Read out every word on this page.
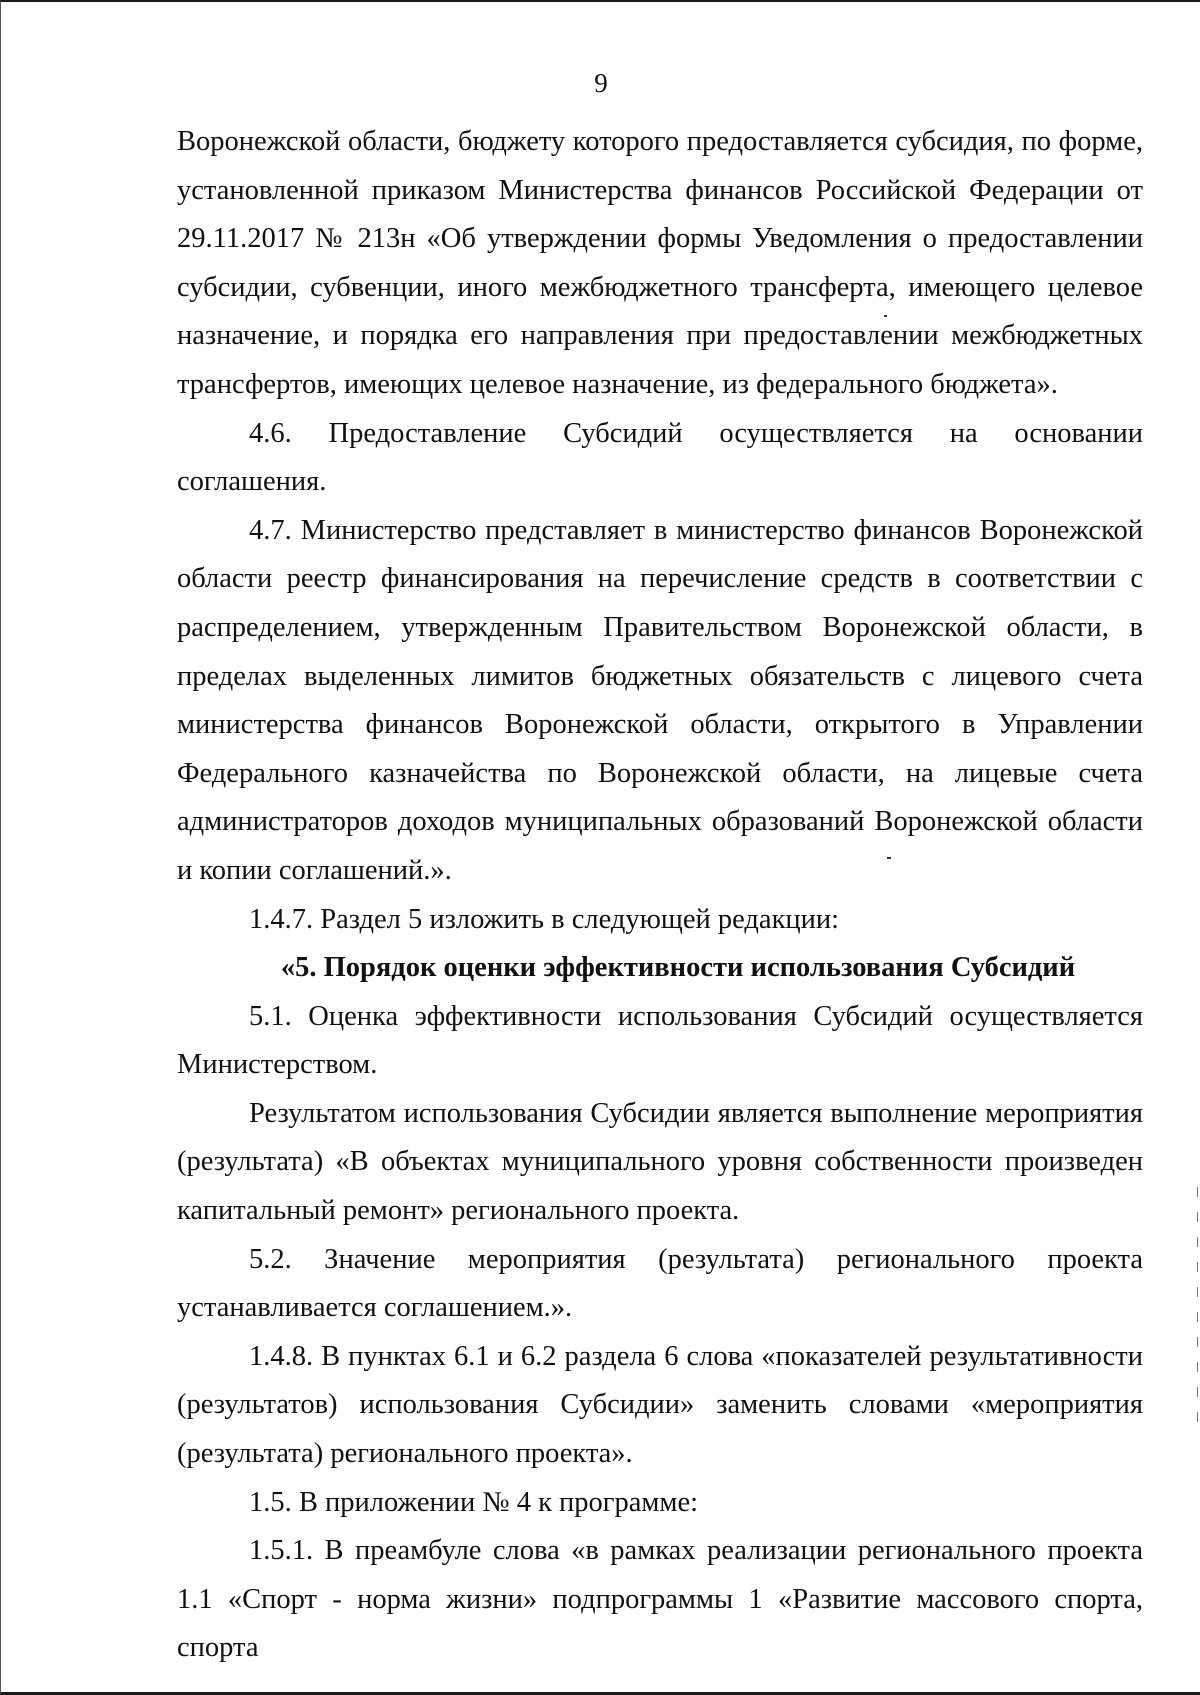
9

Воронежской области, бюджету которого предоставляется субсидия, по форме, установленной приказом Министерства финансов Российской Федерации от 29.11.2017 № 213н «Об утверждении формы Уведомления о предоставлении субсидии, субвенции, иного межбюджетного трансферта, имеющего целевое назначение, и порядка его направления при предоставлении межбюджетных трансфертов, имеющих целевое назначение, из федерального бюджета».

4.6. Предоставление Субсидий осуществляется на основании соглашения.

4.7. Министерство представляет в министерство финансов Воронежской области реестр финансирования на перечисление средств в соответствии с распределением, утвержденным Правительством Воронежской области, в пределах выделенных лимитов бюджетных обязательств с лицевого счета министерства финансов Воронежской области, открытого в Управлении Федерального казначейства по Воронежской области, на лицевые счета администраторов доходов муниципальных образований Воронежской области и копии соглашений.».

1.4.7. Раздел 5 изложить в следующей редакции:

«5. Порядок оценки эффективности использования Субсидий

5.1. Оценка эффективности использования Субсидий осуществляется Министерством.

Результатом использования Субсидии является выполнение мероприятия (результата) «В объектах муниципального уровня собственности произведен капитальный ремонт» регионального проекта.

5.2. Значение мероприятия (результата) регионального проекта устанавливается соглашением.».

1.4.8. В пунктах 6.1 и 6.2 раздела 6 слова «показателей результативности (результатов) использования Субсидии» заменить словами «мероприятия (результата) регионального проекта».

1.5. В приложении № 4 к программе:

1.5.1. В преамбуле слова «в рамках реализации регионального проекта 1.1 «Спорт - норма жизни» подпрограммы 1 «Развитие массового спорта, спорта
